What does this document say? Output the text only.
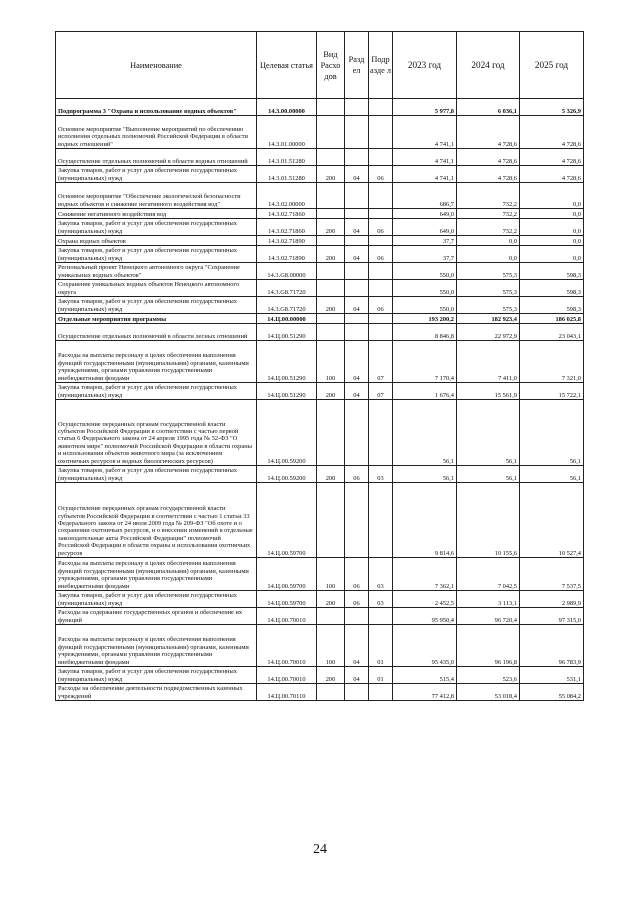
Наименование	Целевая статья	Вид Расхо дов	Разд ел	Подр азде л	2023 год	2024 год	2025 год
Подпрограмма 3 "Охрана и использование водных объектов"	14.3.00.00000				5 977,8	6 036,1	5 326,9
Основное мероприятие "Выполнение мероприятий по обеспечению исполнения отдельных полномочий Российской Федерации в области водных отношений"	14.3.01.00000				4 741,1	4 728,6	4 728,6
Осуществление отдельных полномочий в области водных отношений	14.3.01.51280				4 741,1	4 728,6	4 728,6
Закупка товаров, работ и услуг для обеспечения государственных (муниципальных) нужд	14.3.01.51280	200	04	06	4 741,1	4 728,6	4 728,6
Основное мероприятие "Обеспечение экологической безопасности водных объектов и снижение негативного воздействия вод"	14.3.02.00000				686,7	732,2	0,0
Снижение негативного воздействия вод	14.3.02.71860				649,0	732,2	0,0
Закупка товаров, работ и услуг для обеспечения государственных (муниципальных) нужд	14.3.02.71860	200	04	06	649,0	732,2	0,0
Охрана водных объектов	14.3.02.71890				37,7	0,0	0,0
Закупка товаров, работ и услуг для обеспечения государственных (муниципальных) нужд	14.3.02.71890	200	04	06	37,7	0,0	0,0
Региональный проект Ненецкого автономного округа "Сохранение уникальных водных объектов"	14.3.G8.00000				550,0	575,3	598,3
Сохранение уникальных водных объектов Ненецкого автономного округа	14.3.G8.71720				550,0	575,3	598,3
Закупка товаров, работ и услуг для обеспечения государственных (муниципальных) нужд	14.3.G8.71720	200	04	06	550,0	575,3	598,3
Отдельные мероприятия программы	14.Ц.00.00000				193 200,2	182 923,4	186 025,8
Осуществление отдельных полномочий в области лесных отношений	14.Ц.00.51290				8 846,8	22 972,9	23 043,1
Расходы на выплаты персоналу в целях обеспечения выполнения функций государственными (муниципальными) органами, казенными учреждениями, органами управления государственными внебюджетными фондами	14.Ц.00.51290	100	04	07	7 170,4	7 411,0	7 321,0
Закупка товаров, работ и услуг для обеспечения государственных (муниципальных) нужд	14.Ц.00.51290	200	04	07	1 676,4	15 561,9	15 722,1
Осуществление переданных органам государственной власти субъектов Российской Федерации в соответствии с частью первой статьи 6 Федерального закона от 24 апреля 1995 года № 52-ФЗ "О животном мире" полномочий Российской Федерации в области охраны и использования объектов животного мира (за исключением охотничьих ресурсов и водных биологических ресурсов)	14.Ц.00.59200				56,1	56,1	56,1
Закупка товаров, работ и услуг для обеспечения государственных (муниципальных) нужд	14.Ц.00.59200	200	06	03	56,1	56,1	56,1
Осуществление переданных органам государственной власти субъектов Российской Федерации в соответствии с частью 1 статьи 33 Федерального закона от 24 июля 2009 года № 209-ФЗ "Об охоте и о сохранении охотничьих ресурсов, и о внесении изменений в отдельные законодательные акты Российской Федерации" полномочий Российской Федерации в области охраны и использования охотничьих ресурсов	14.Ц.00.59700				9 814,6	10 155,6	10 527,4
Расходы на выплаты персоналу в целях обеспечения выполнения функций государственными (муниципальными) органами, казенными учреждениями, органами управления государственными внебюджетными фондами	14.Ц.00.59700	100	06	03	7 362,1	7 042,5	7 537,5
Закупка товаров, работ и услуг для обеспечения государственных (муниципальных) нужд	14.Ц.00.59700	200	06	03	2 452,5	3 113,1	2 989,9
Расходы на содержание государственных органов и обеспечение их функций	14.Ц.00.70010				95 950,4	96 720,4	97 315,0
Расходы на выплаты персоналу в целях обеспечения выполнения функций государственными (муниципальными) органами, казенными учреждениями, органами управления государственными внебюджетными фондами	14.Ц.00.70010	100	04	01	95 435,0	96 196,8	96 783,9
Закупка товаров, работ и услуг для обеспечения государственных (муниципальных) нужд	14.Ц.00.70010	200	04	01	515,4	523,6	531,1
Расходы на обеспечение деятельности подведомственных казенных учреждений	14.Ц.00.70110				77 412,8	53 018,4	55 084,2
24
